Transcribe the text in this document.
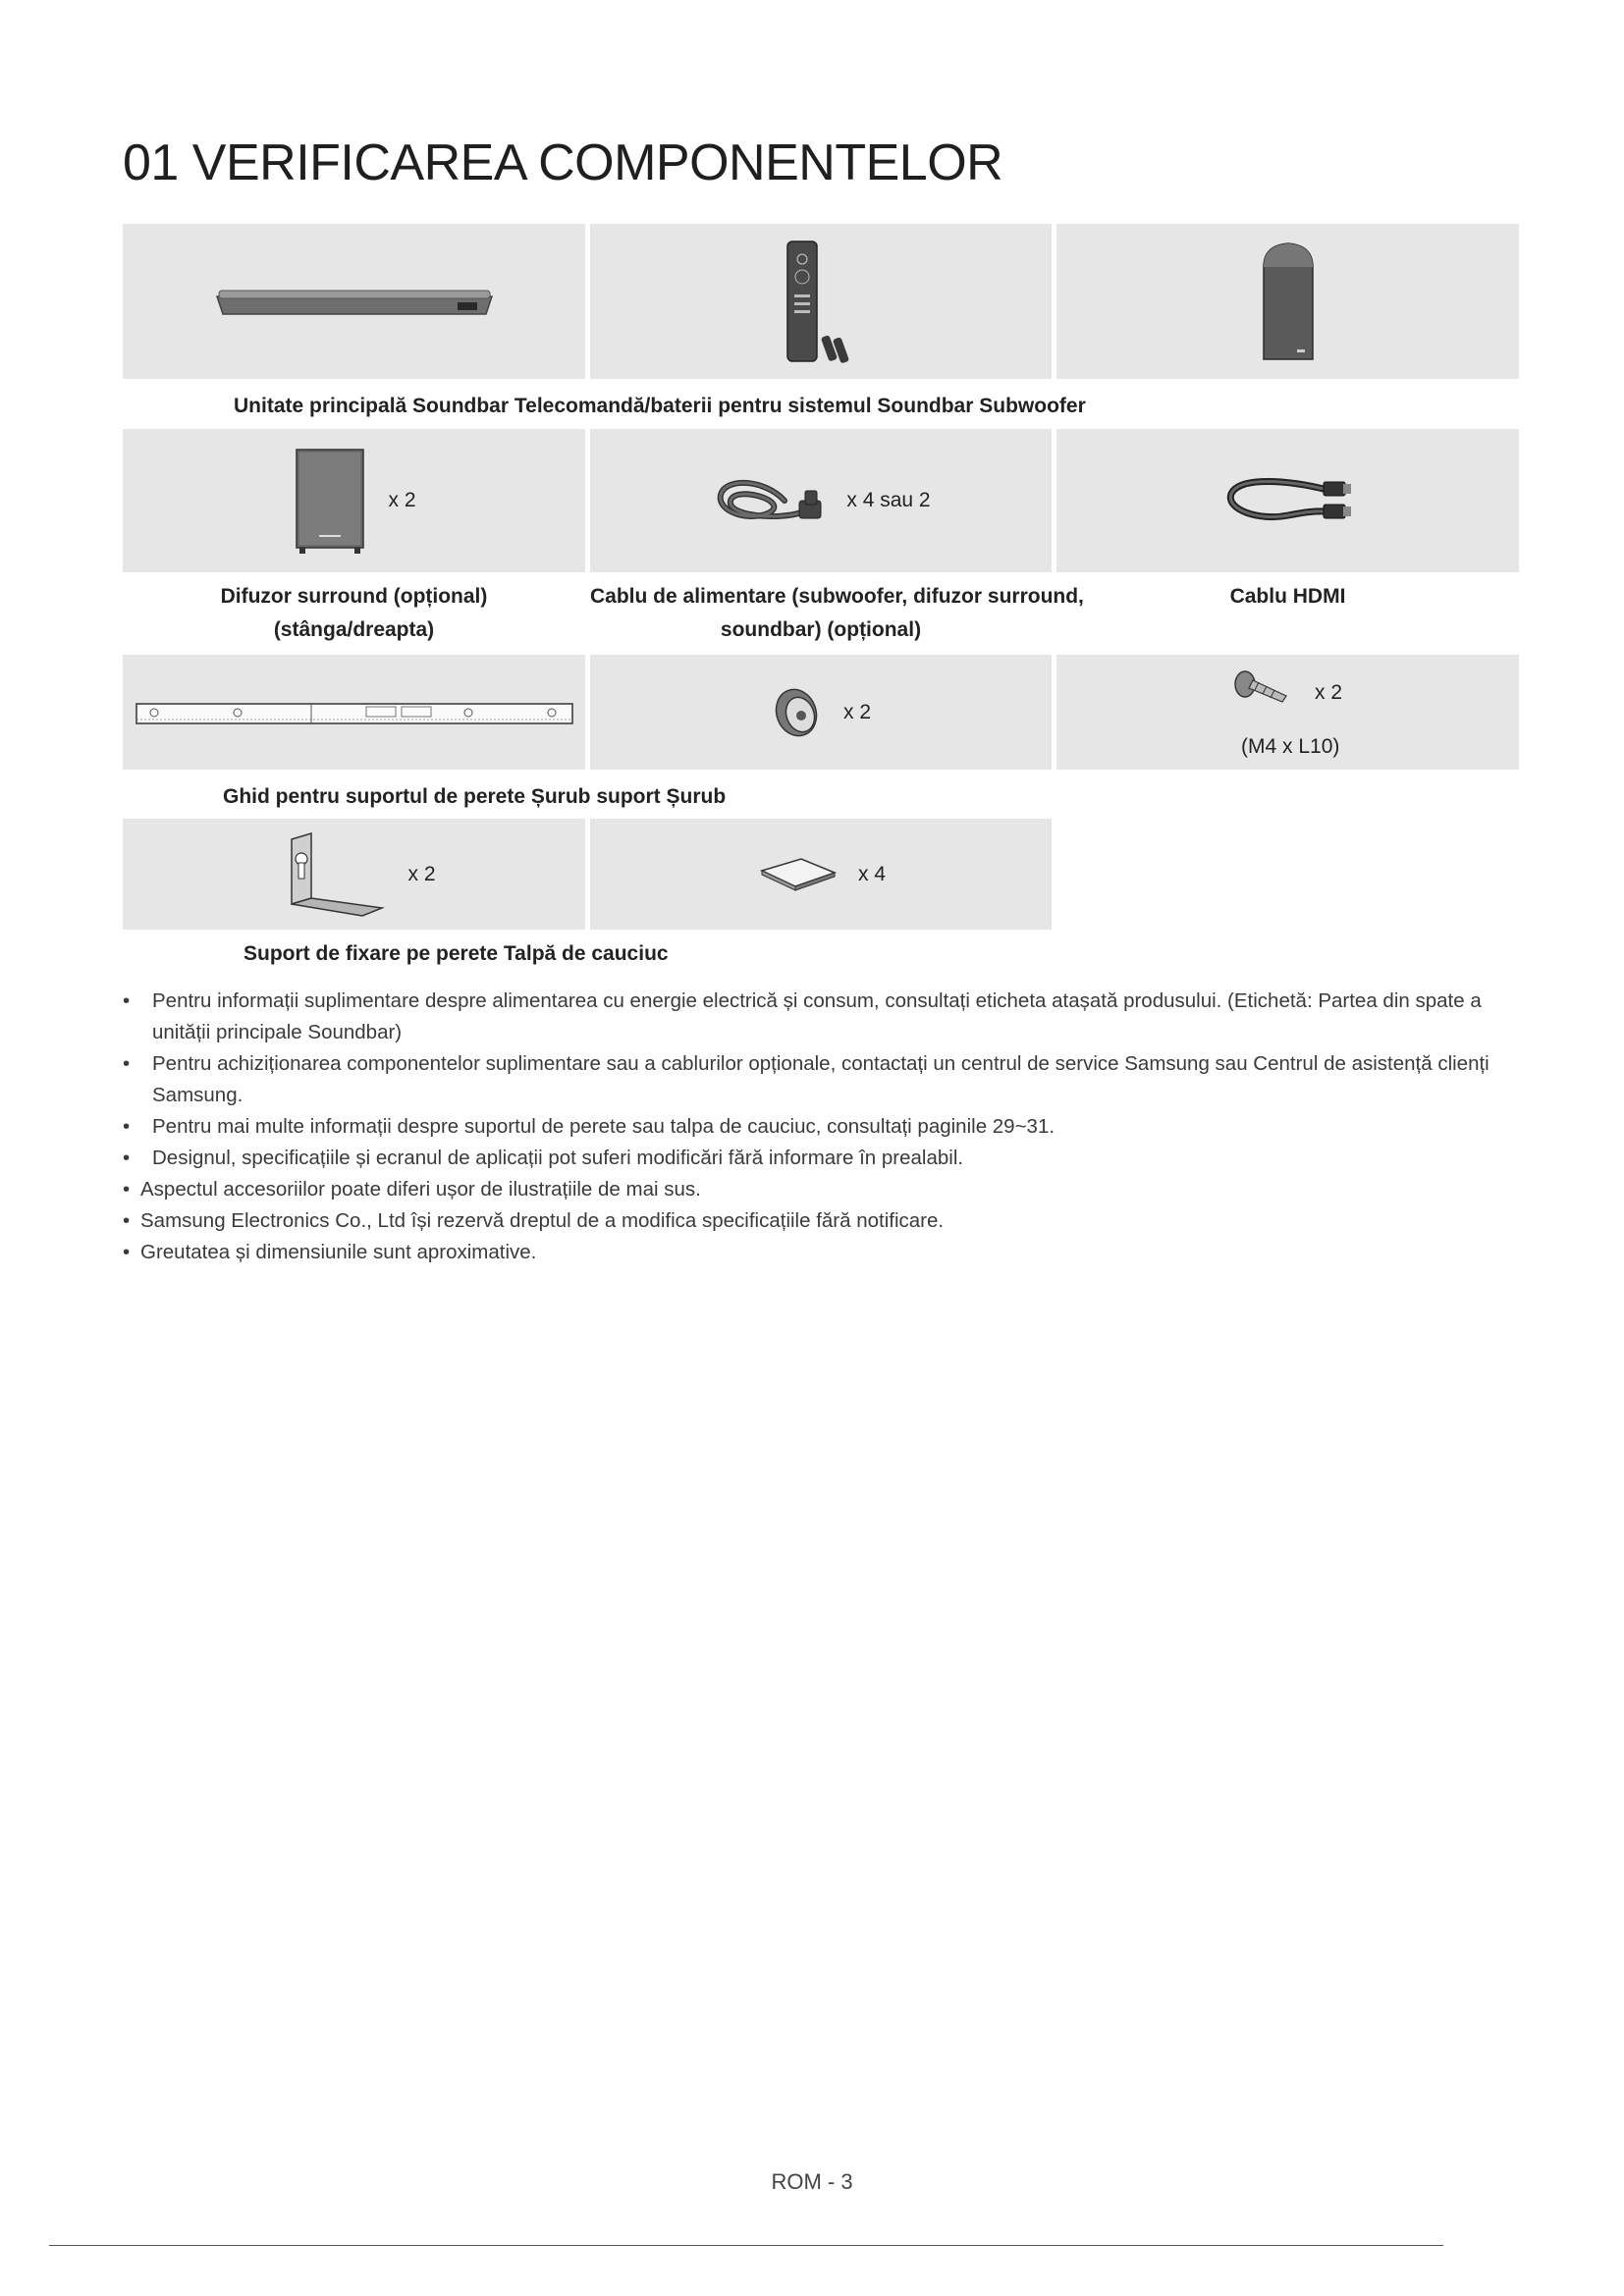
01 VERIFICAREA COMPONENTELOR
Unitate principală Soundbar Telecomandă/baterii pentru sistemul Soundbar Subwoofer
x 2	x 4 sau 2
Difuzor surround (opțional)
(stânga/dreapta)
Cablu de alimentare (subwoofer, difuzor surround,
soundbar) (opțional)
Cablu HDMI
x 2
x 2
(M4 x L10)
Ghid pentru suportul de perete Șurub suport Șurub
x 2	x 4
Suport de fixare pe perete Talpă de cauciuc
• Pentru informații suplimentare despre alimentarea cu energie electrică și consum, consultați eticheta atașată produsului. (Etichetă: Partea din spate a unității principale Soundbar)
• Pentru achiziționarea componentelor suplimentare sau a cablurilor opționale, contactați un centrul de service Samsung sau Centrul de asistență clienți Samsung.
• Pentru mai multe informații despre suportul de perete sau talpa de cauciuc, consultați paginile 29~31.
• Designul, specificațiile și ecranul de aplicații pot suferi modificări fără informare în prealabil.
• Aspectul accesoriilor poate diferi ușor de ilustrațiile de mai sus.
• Samsung Electronics Co., Ltd își rezervă dreptul de a modifica specificațiile fără notificare.
• Greutatea și dimensiunile sunt aproximative.
ROM - 3
